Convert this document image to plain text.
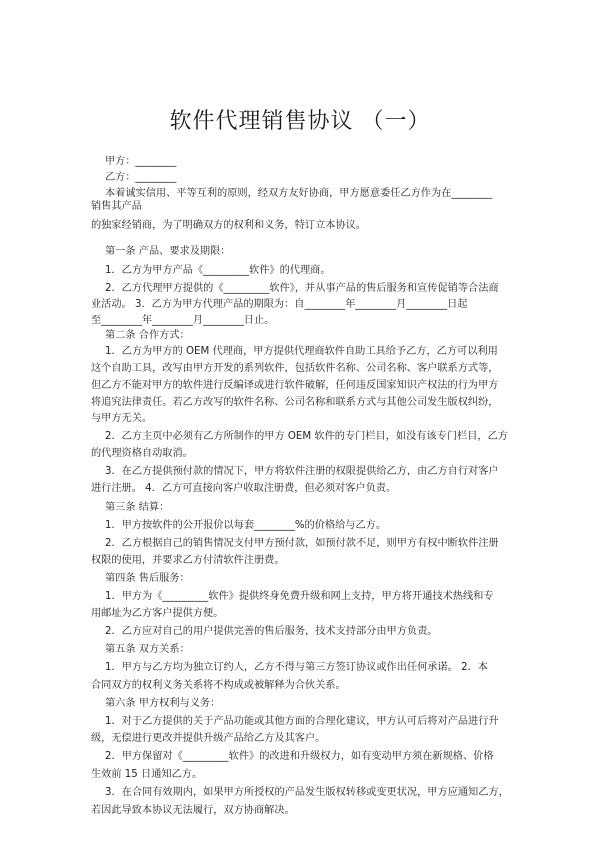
软件代理销售协议 （一）
甲方：________
乙方：________
本着诚实信用、平等互利的原则，经双方友好协商，甲方愿意委任乙方作为在________
销售其产品
的独家经销商，为了明确双方的权利和义务，特订立本协议。
第一条 产品、要求及期限：
1．乙方为甲方产品《_________软件》的代理商。
2．乙方代理甲方提供的《_________软件》，并从事产品的售后服务和宣传促销等合法商
业活动。 3．乙方为甲方代理产品的期限为：自________年________月________日起
至________年________月________日止。
第二条 合作方式：
1．乙方为甲方的 OEM 代理商，甲方提供代理商软件自助工具给予乙方，乙方可以利用
这个自助工具，改写由甲方开发的系列软件，包括软件名称、公司名称、客户联系方式等，
但乙方不能对甲方的软件进行反编译或进行软件破解，任何违反国家知识产权法的行为甲方
将追究法律责任。若乙方改写的软件名称、公司名称和联系方式与其他公司发生版权纠纷，
与甲方无关。
2．乙方主页中必须有乙方所制作的甲方 OEM 软件的专门栏目，如没有该专门栏目，乙方
的代理资格自动取消。
3．在乙方提供预付款的情况下，甲方将软件注册的权限提供给乙方，由乙方自行对客户
进行注册。 4．乙方可直接向客户收取注册费，但必须对客户负责。
第三条 结算：
1．甲方按软件的公开报价以每套________%的价格给与乙方。
2．乙方根据自己的销售情况支付甲方预付款，如预付款不足，则甲方有权中断软件注册
权限的使用，并要求乙方付清软件注册费。
第四条 售后服务：
1．甲方为《_________软件》提供终身免费升级和网上支持，甲方将开通技术热线和专
用邮址为乙方客户提供方便。
2．乙方应对自己的用户提供完善的售后服务，技术支持部分由甲方负责。
第五条 双方关系：
1．甲方与乙方均为独立订约人，乙方不得与第三方签订协议或作出任何承诺。 2．本
合同双方的权利义务关系将不构成或被解释为合伙关系。
第六条 甲方权利与义务：
1．对于乙方提供的关于产品功能或其他方面的合理化建议，甲方认可后将对产品进行升
级，无偿进行更改并提供升级产品给乙方及其客户。
2．甲方保留对《_________软件》的改进和升级权力，如有变动甲方须在新规格、价格
生效前 15 日通知乙方。
3．在合同有效期内，如果甲方所授权的产品发生版权转移或变更状况，甲方应通知乙方，
若因此导致本协议无法履行，双方协商解决。
